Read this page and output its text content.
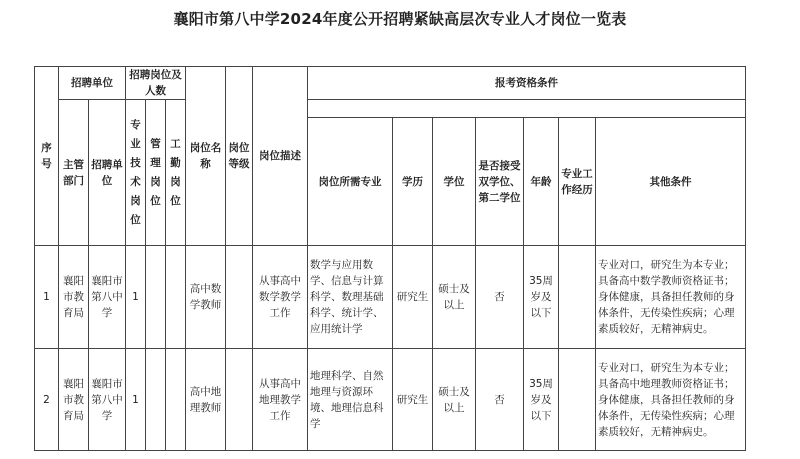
襄阳市第八中学2024年度公开招聘紧缺高层次专业人才岗位一览表
序号	招聘单位		招聘岗位及人数			岗位名称	岗位等级	岗位描述	报考资格条件						
	主管部门	招聘单位	专业技术岗位	管理岗位	工勤岗位										
									岗位所需专业	学历	学位	是否接受双学位、第二学位	年龄	专业工作经历	其他条件
1	襄阳市教育局	襄阳市第八中学	1			高中数学教师		从事高中数学教学工作	数学与应用数学、信息与计算科学、数理基础科学、统计学、应用统计学	研究生	硕士及以上	否	35周岁及以下		专业对口，研究生为本专业；具备高中数学教师资格证书；身体健康，具备担任教师的身体条件，无传染性疾病；心理素质较好，无精神病史。
2	襄阳市教育局	襄阳市第八中学	1			高中地理教师		从事高中地理教学工作	地理科学、自然地理与资源环境、地理信息科学	研究生	硕士及以上	否	35周岁及以下		专业对口，研究生为本专业；具备高中地理教师资格证书；身体健康，具备担任教师的身体条件，无传染性疾病；心理素质较好，无精神病史。
